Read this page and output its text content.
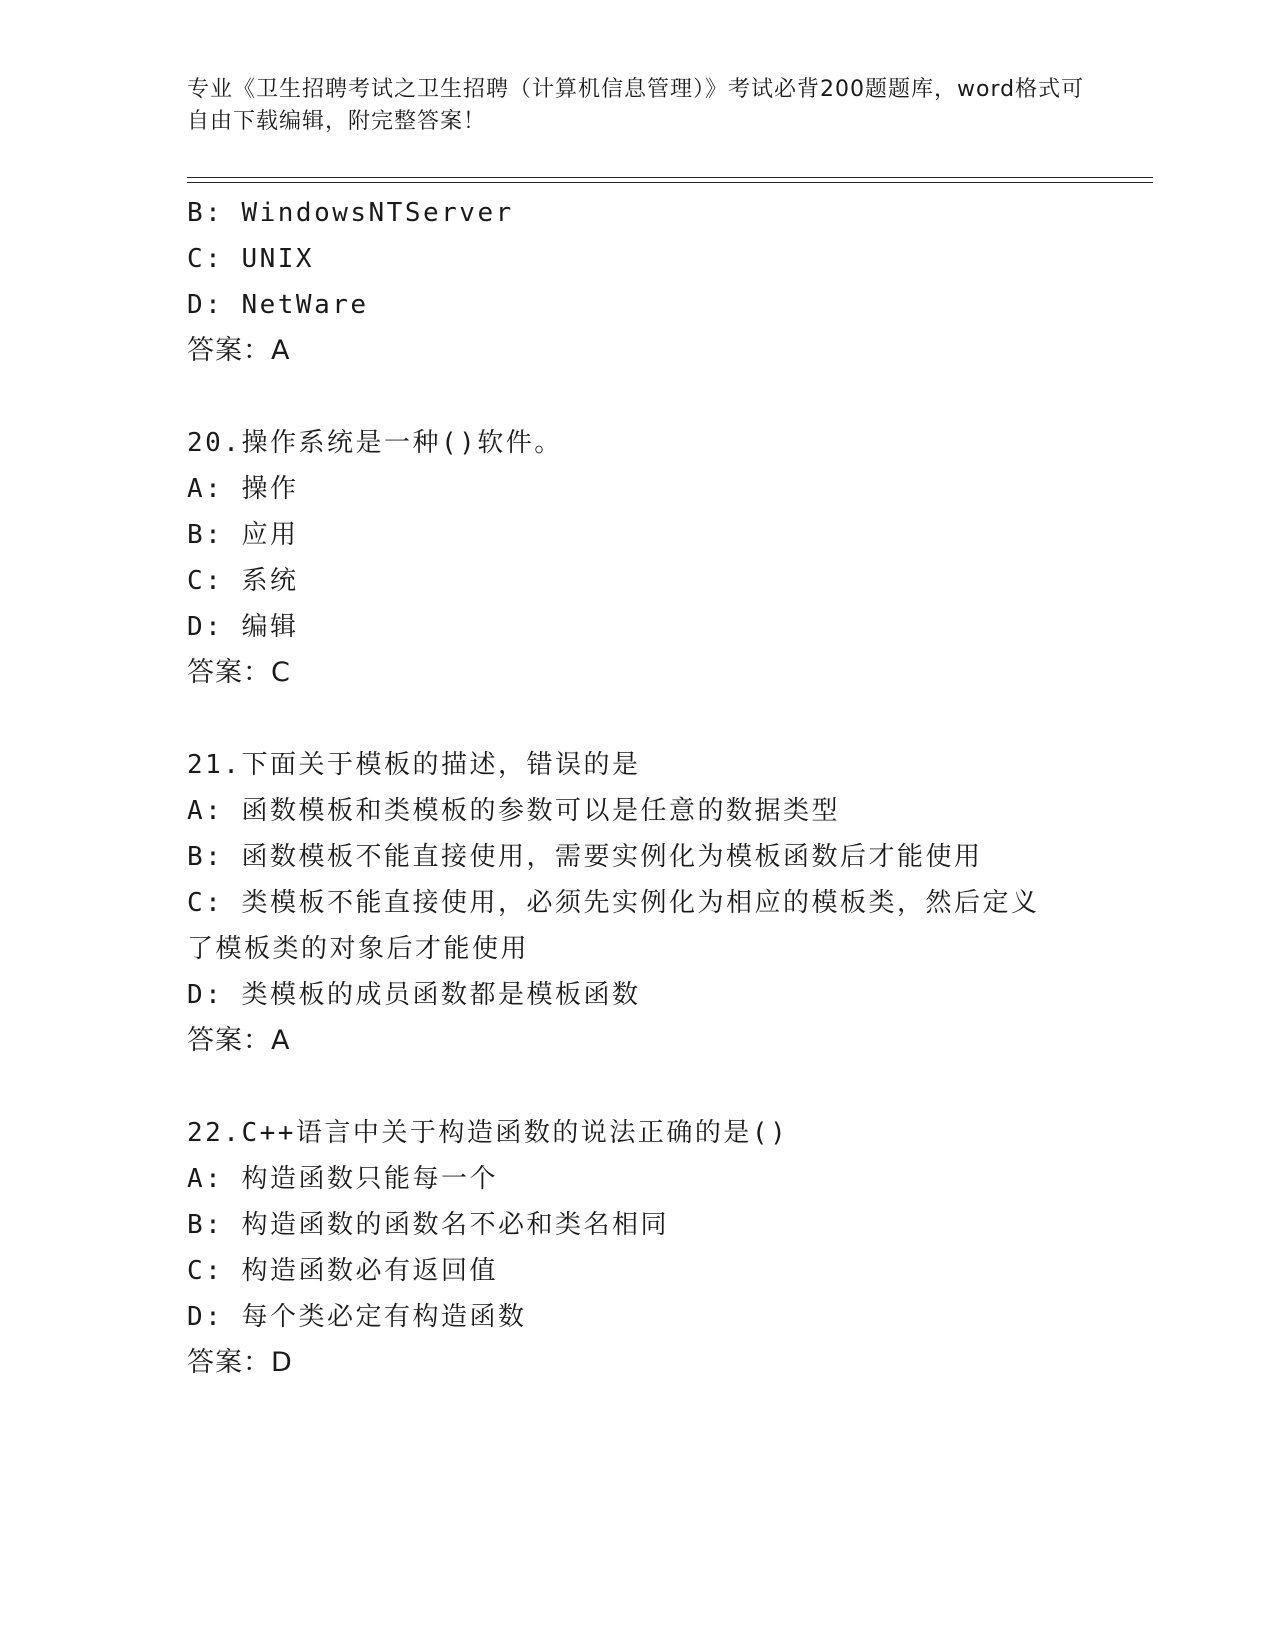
专业《卫生招聘考试之卫生招聘（计算机信息管理）》考试必背200题题库，word格式可自由下载编辑，附完整答案！
B: WindowsNTServer
C: UNIX
D: NetWare
答案：A
20.操作系统是一种()软件。
A: 操作
B: 应用
C: 系统
D: 编辑
答案：C
21.下面关于模板的描述，错误的是
A: 函数模板和类模板的参数可以是任意的数据类型
B: 函数模板不能直接使用，需要实例化为模板函数后才能使用
C: 类模板不能直接使用，必须先实例化为相应的模板类，然后定义了模板类的对象后才能使用
D: 类模板的成员函数都是模板函数
答案：A
22.C++语言中关于构造函数的说法正确的是()
A: 构造函数只能每一个
B: 构造函数的函数名不必和类名相同
C: 构造函数必有返回值
D: 每个类必定有构造函数
答案：D
